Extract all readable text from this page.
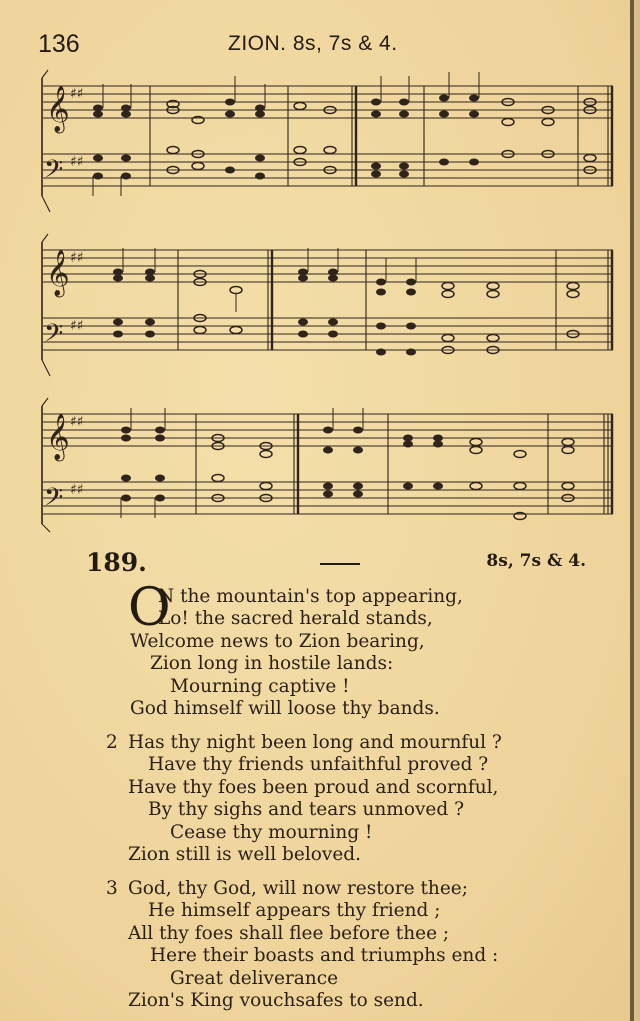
136	ZION. 8s, 7s & 4.
𝄞 ♯♯
𝄢 ♯♯
𝄞 ♯♯
𝄢 ♯♯
𝄞 ♯♯
𝄢 ♯♯
189.	8s, 7s & 4.
O
N the mountain's top appearing,
Lo! the sacred herald stands,
Welcome news to Zion bearing,
Zion long in hostile lands:
Mourning captive !
God himself will loose thy bands.
2 Has thy night been long and mournful ?
Have thy friends unfaithful proved ?
Have thy foes been proud and scornful,
By thy sighs and tears unmoved ?
Cease thy mourning !
Zion still is well beloved.
3 God, thy God, will now restore thee;
He himself appears thy friend ;
All thy foes shall flee before thee ;
Here their boasts and triumphs end :
Great deliverance
Zion's King vouchsafes to send.
